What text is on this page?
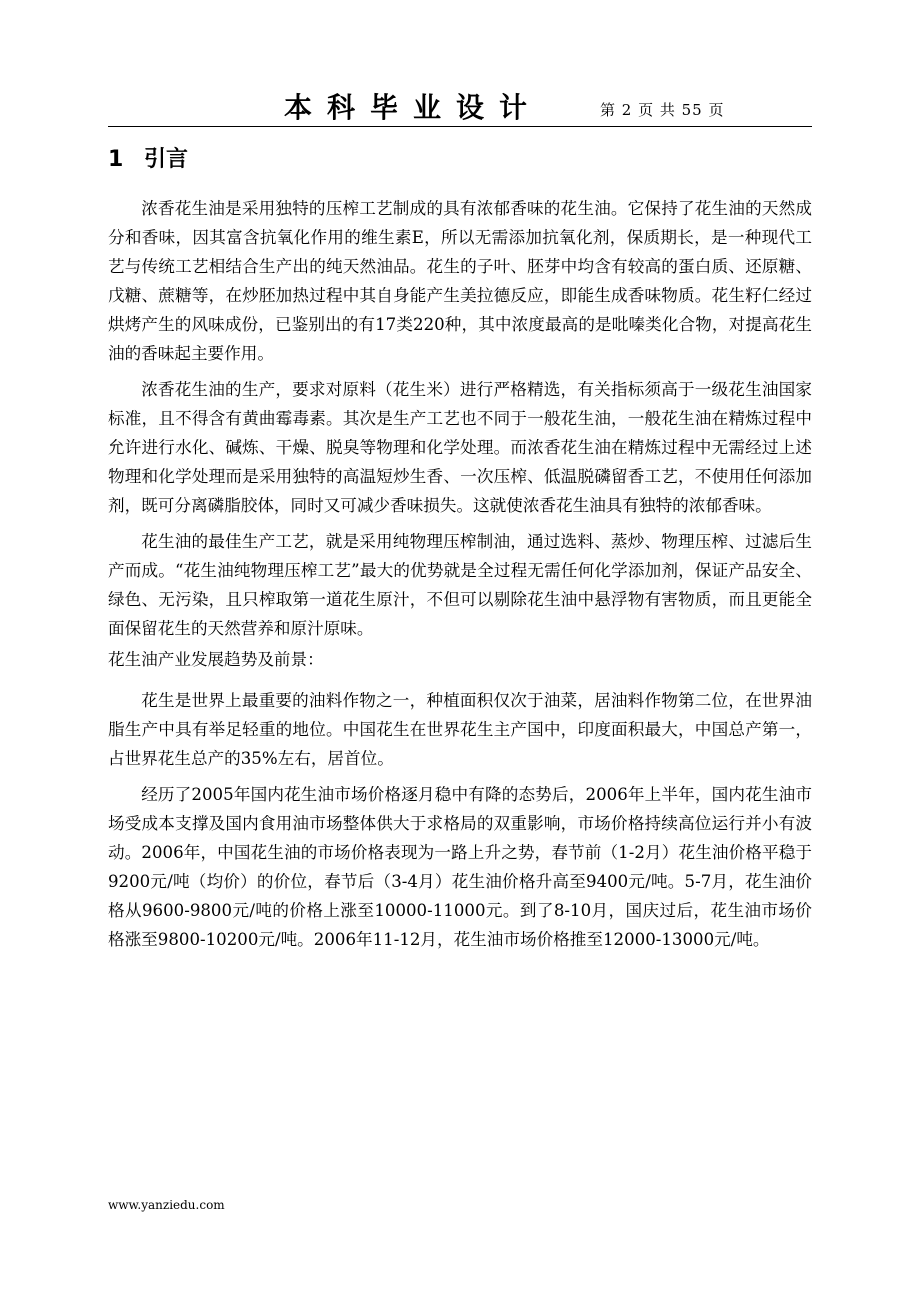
本科毕业设计	第 2 页 共 55 页
1 引言

浓香花生油是采用独特的压榨工艺制成的具有浓郁香味的花生油。它保持了花生油的天然成分和香味，因其富含抗氧化作用的维生素E，所以无需添加抗氧化剂，保质期长，是一种现代工艺与传统工艺相结合生产出的纯天然油品。花生的子叶、胚芽中均含有较高的蛋白质、还原糖、戊糖、蔗糖等，在炒胚加热过程中其自身能产生美拉德反应，即能生成香味物质。花生籽仁经过烘烤产生的风味成份，已鉴别出的有17类220种，其中浓度最高的是吡嗪类化合物，对提高花生油的香味起主要作用。

浓香花生油的生产，要求对原料（花生米）进行严格精选，有关指标须高于一级花生油国家标准，且不得含有黄曲霉毒素。其次是生产工艺也不同于一般花生油，一般花生油在精炼过程中允许进行水化、碱炼、干燥、脱臭等物理和化学处理。而浓香花生油在精炼过程中无需经过上述物理和化学处理而是采用独特的高温短炒生香、一次压榨、低温脱磷留香工艺，不使用任何添加剂，既可分离磷脂胶体，同时又可减少香味损失。这就使浓香花生油具有独特的浓郁香味。

花生油的最佳生产工艺，就是采用纯物理压榨制油，通过选料、蒸炒、物理压榨、过滤后生产而成。“花生油纯物理压榨工艺”最大的优势就是全过程无需任何化学添加剂，保证产品安全、绿色、无污染，且只榨取第一道花生原汁，不但可以剔除花生油中悬浮物有害物质，而且更能全面保留花生的天然营养和原汁原味。

花生油产业发展趋势及前景：

花生是世界上最重要的油料作物之一，种植面积仅次于油菜，居油料作物第二位，在世界油脂生产中具有举足轻重的地位。中国花生在世界花生主产国中，印度面积最大，中国总产第一，占世界花生总产的35%左右，居首位。

经历了2005年国内花生油市场价格逐月稳中有降的态势后，2006年上半年，国内花生油市场受成本支撑及国内食用油市场整体供大于求格局的双重影响，市场价格持续高位运行并小有波动。2006年，中国花生油的市场价格表现为一路上升之势，春节前（1-2月）花生油价格平稳于9200元/吨（均价）的价位，春节后（3-4月）花生油价格升高至9400元/吨。5-7月，花生油价格从9600-9800元/吨的价格上涨至10000-11000元。到了8-10月，国庆过后，花生油市场价格涨至9800-10200元/吨。2006年11-12月，花生油市场价格推至12000-13000元/吨。

www.yanziedu.com
